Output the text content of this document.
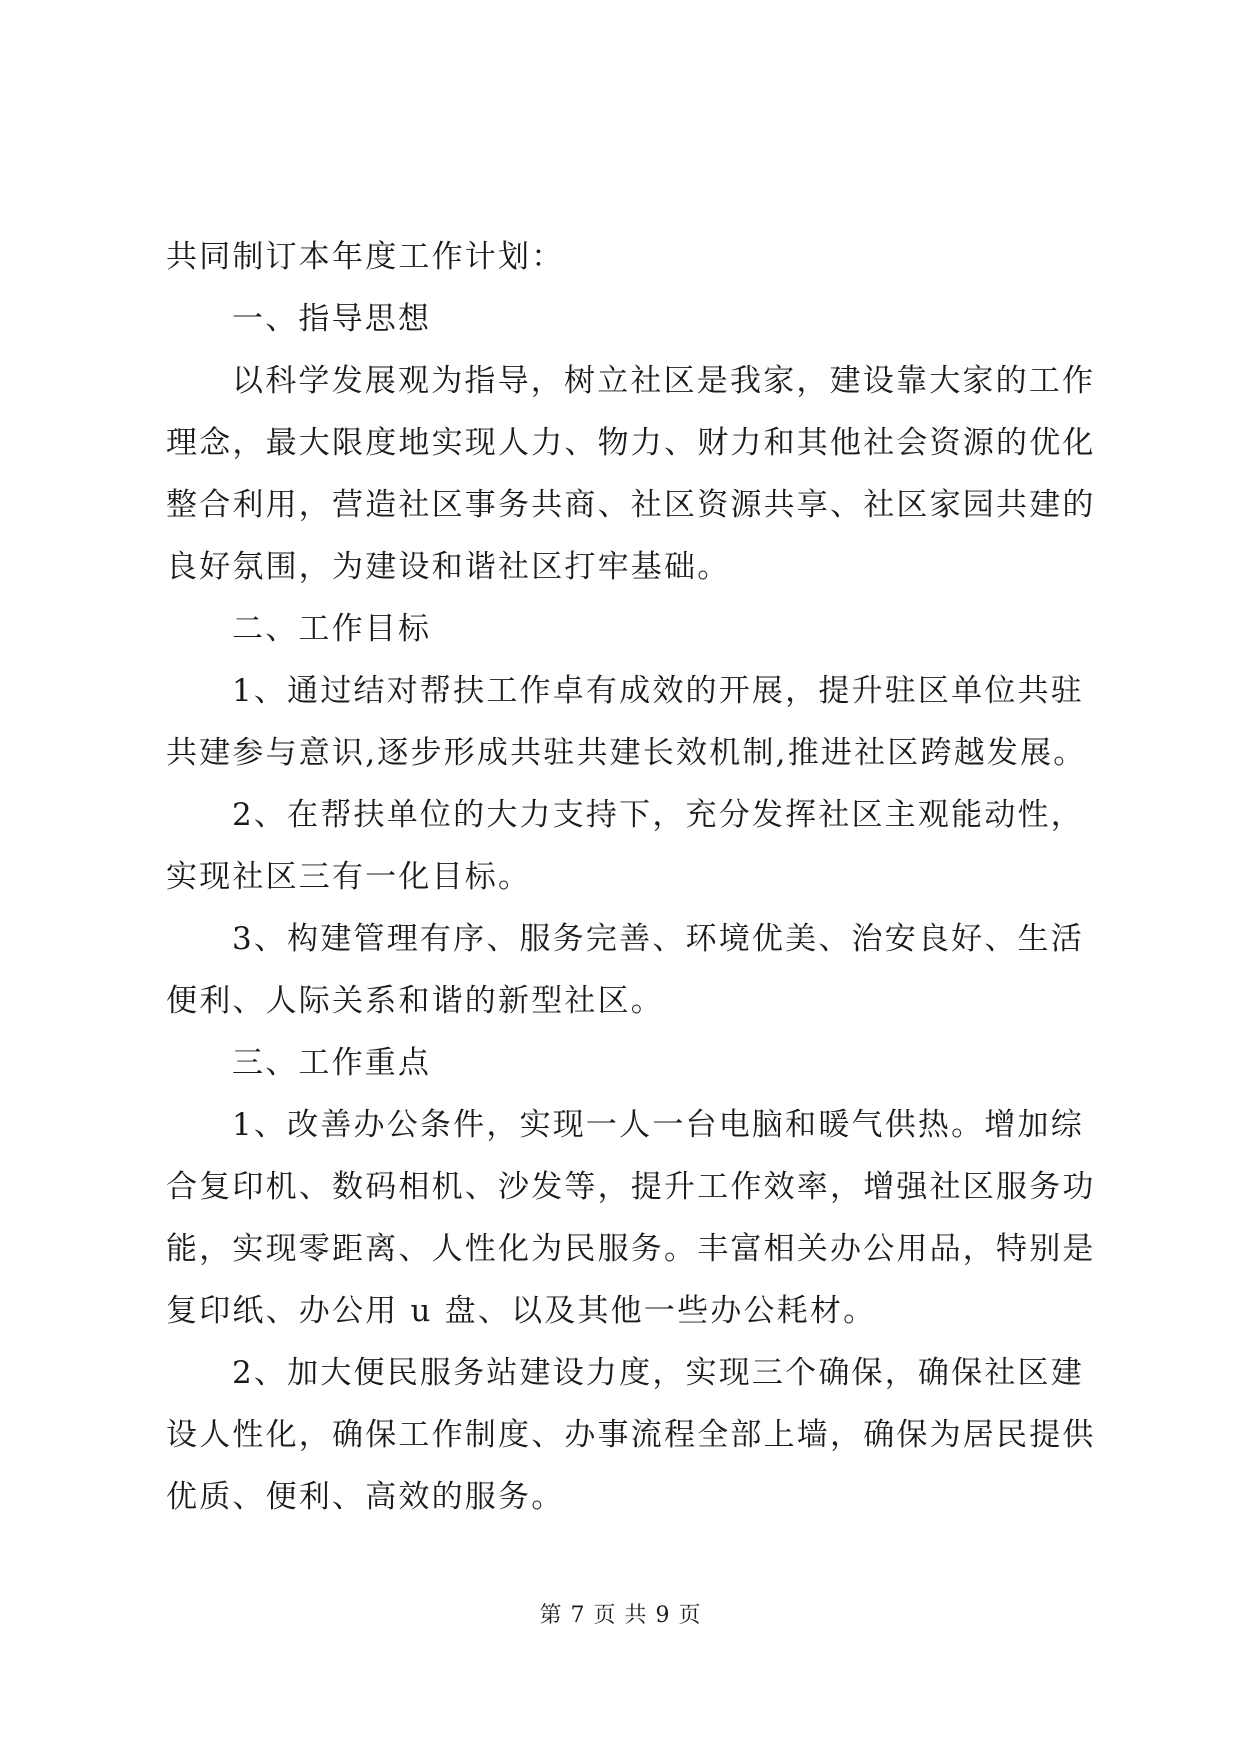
共同制订本年度工作计划：
一、指导思想
以科学发展观为指导，树立社区是我家，建设靠大家的工作
理念，最大限度地实现人力、物力、财力和其他社会资源的优化
整合利用，营造社区事务共商、社区资源共享、社区家园共建的
良好氛围，为建设和谐社区打牢基础。
二、工作目标
1、通过结对帮扶工作卓有成效的开展，提升驻区单位共驻
共建参与意识,逐步形成共驻共建长效机制,推进社区跨越发展。
2、在帮扶单位的大力支持下，充分发挥社区主观能动性，
实现社区三有一化目标。
3、构建管理有序、服务完善、环境优美、治安良好、生活
便利、人际关系和谐的新型社区。
三、工作重点
1、改善办公条件，实现一人一台电脑和暖气供热。增加综
合复印机、数码相机、沙发等，提升工作效率，增强社区服务功
能，实现零距离、人性化为民服务。丰富相关办公用品，特别是
复印纸、办公用 u 盘、以及其他一些办公耗材。
2、加大便民服务站建设力度，实现三个确保，确保社区建
设人性化，确保工作制度、办事流程全部上墙，确保为居民提供
优质、便利、高效的服务。
第 7 页 共 9 页
